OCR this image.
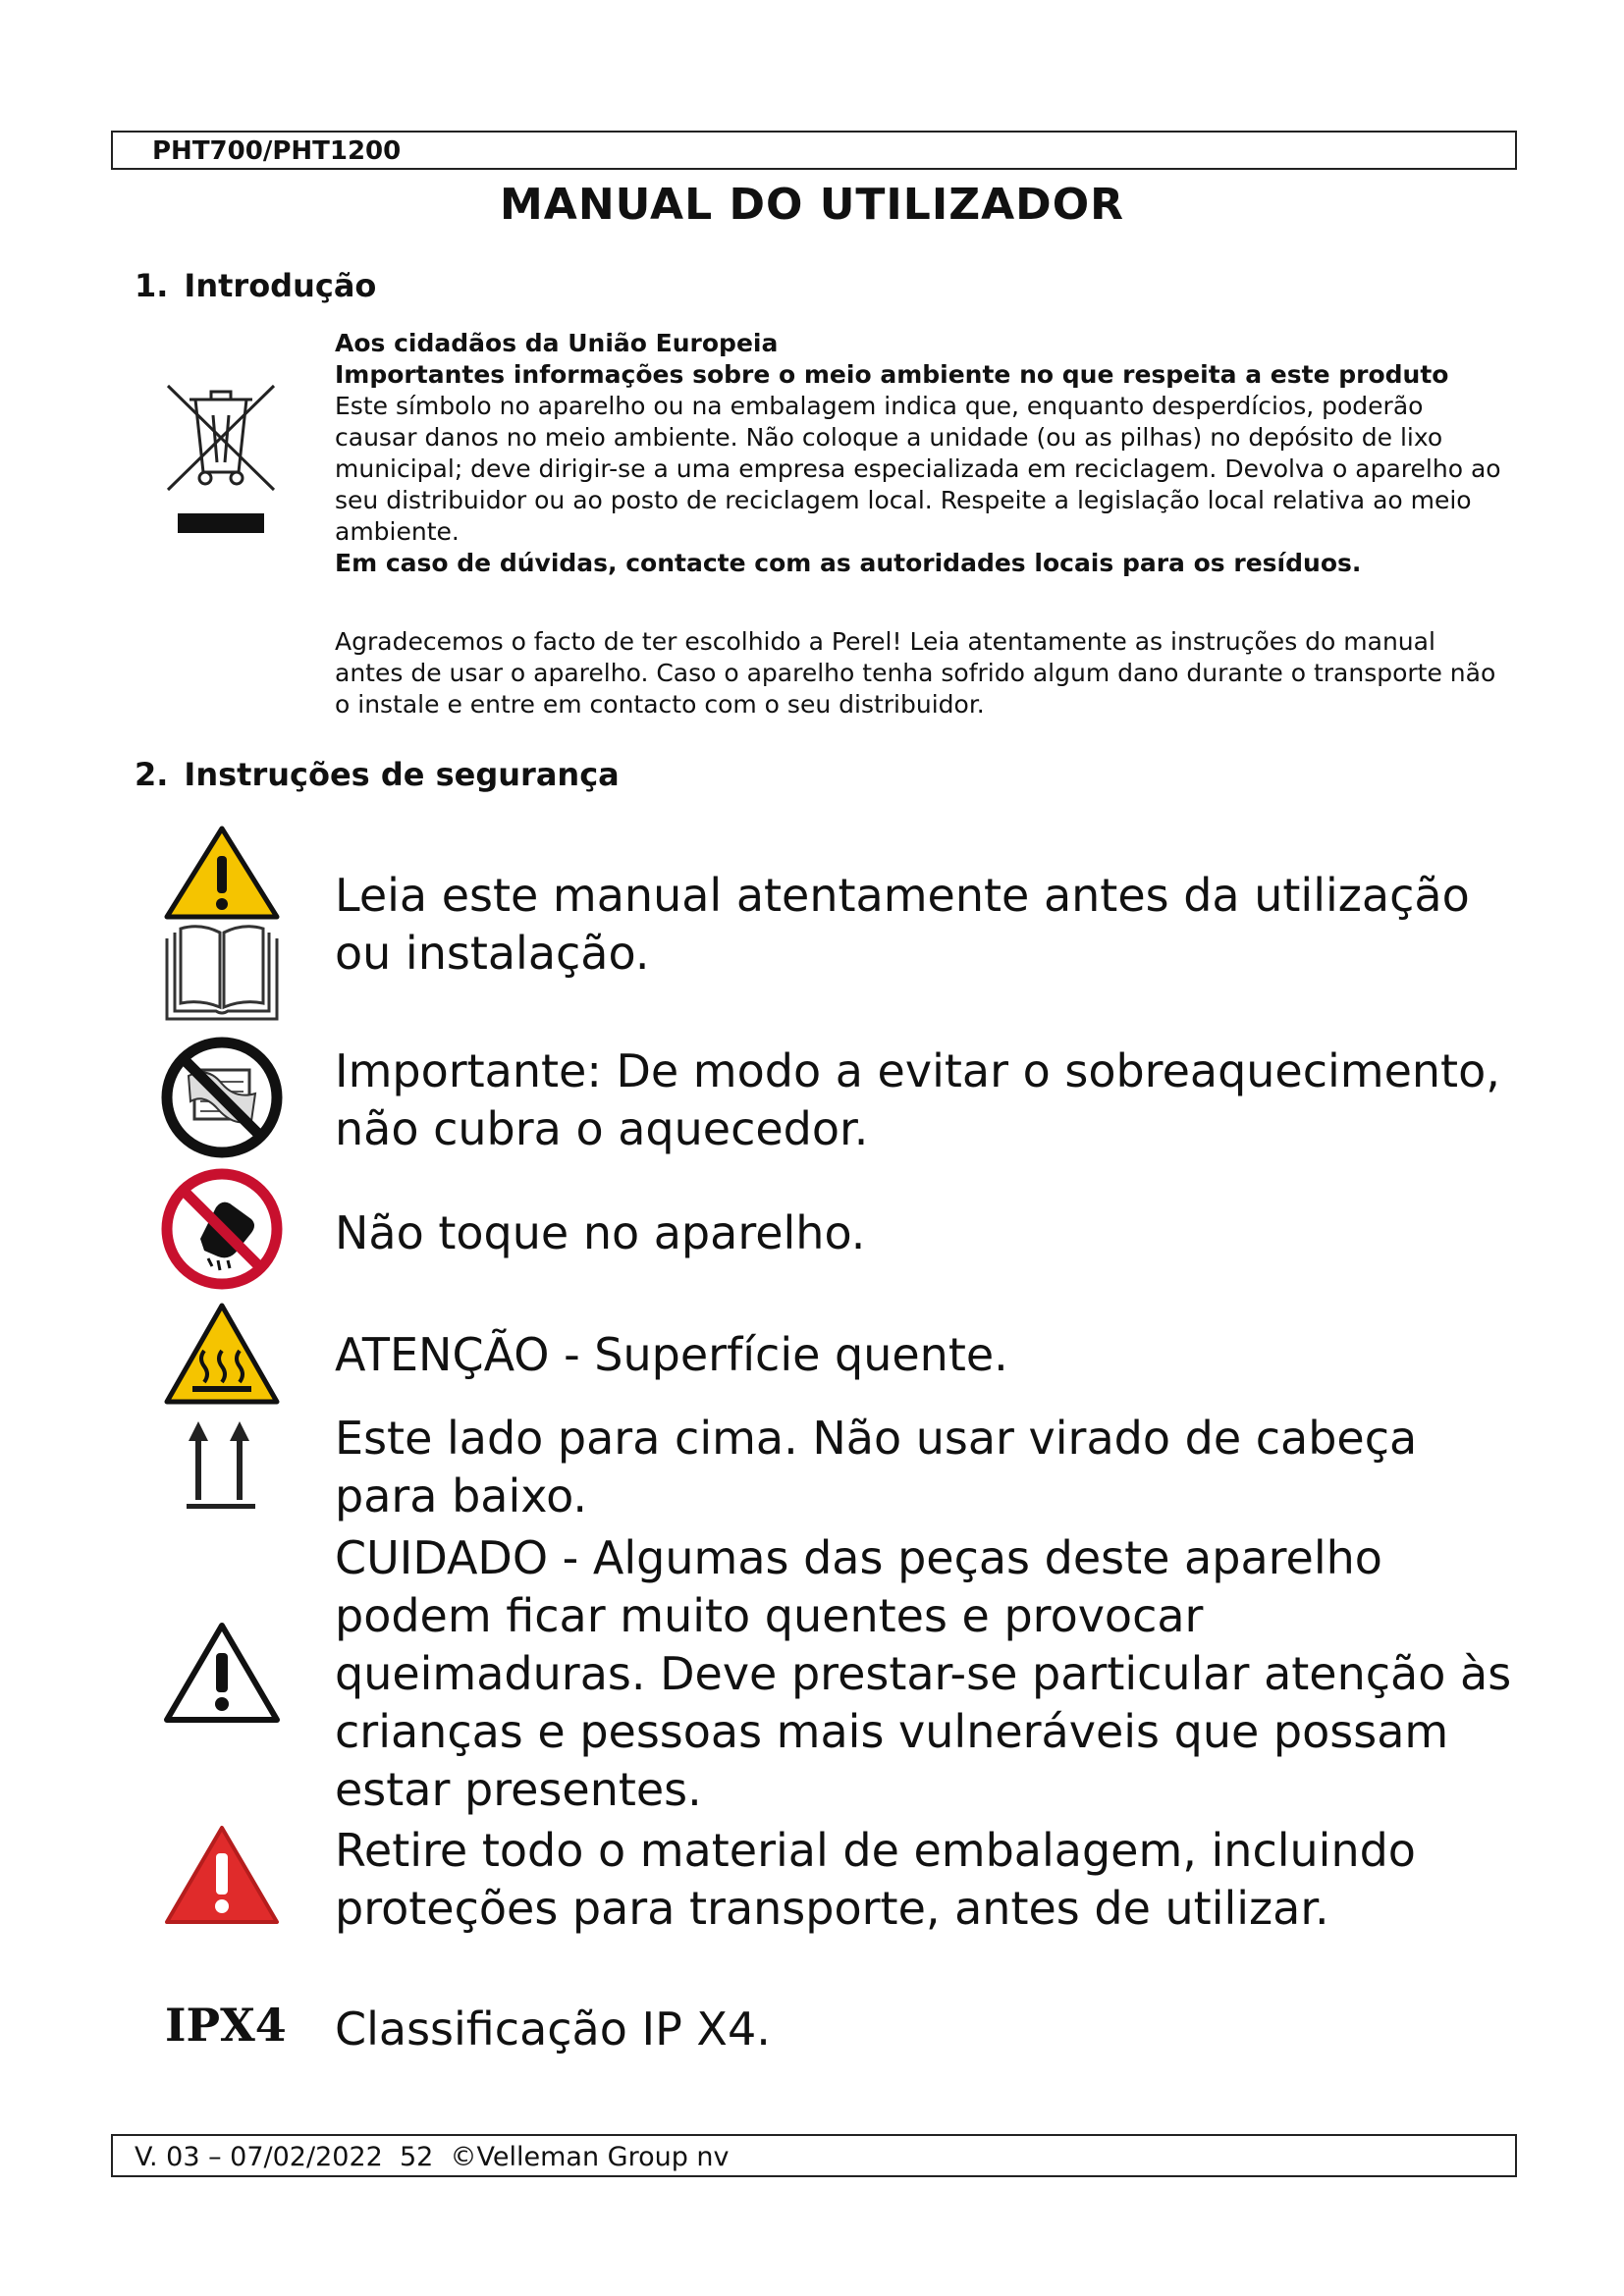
PHT700/PHT1200
MANUAL DO UTILIZADOR
1. Introdução

Aos cidadãos da União Europeia

Importantes informações sobre o meio ambiente no que respeita a este produto

Este símbolo no aparelho ou na embalagem indica que, enquanto desperdícios, poderão causar danos no meio ambiente. Não coloque a unidade (ou as pilhas) no depósito de lixo municipal; deve dirigir-se a uma empresa especializada em reciclagem. Devolva o aparelho ao seu distribuidor ou ao posto de reciclagem local. Respeite a legislação local relativa ao meio ambiente.

Em caso de dúvidas, contacte com as autoridades locais para os resíduos.

Agradecemos o facto de ter escolhido a Perel! Leia atentamente as instruções do manual antes de usar o aparelho. Caso o aparelho tenha sofrido algum dano durante o transporte não o instale e entre em contacto com o seu distribuidor.

2. Instruções de segurança

Leia este manual atentamente antes da utilização ou instalação.

Importante: De modo a evitar o sobreaquecimento, não cubra o aquecedor.

Não toque no aparelho.

ATENÇÃO - Superfície quente.

Este lado para cima. Não usar virado de cabeça para baixo.

CUIDADO - Algumas das peças deste aparelho podem ficar muito quentes e provocar queimaduras. Deve prestar-se particular atenção às crianças e pessoas mais vulneráveis que possam estar presentes.

Retire todo o material de embalagem, incluindo proteções para transporte, antes de utilizar.

IPX4 Classificação IP X4.

V. 03 – 07/02/2022 52 ©Velleman Group nv
